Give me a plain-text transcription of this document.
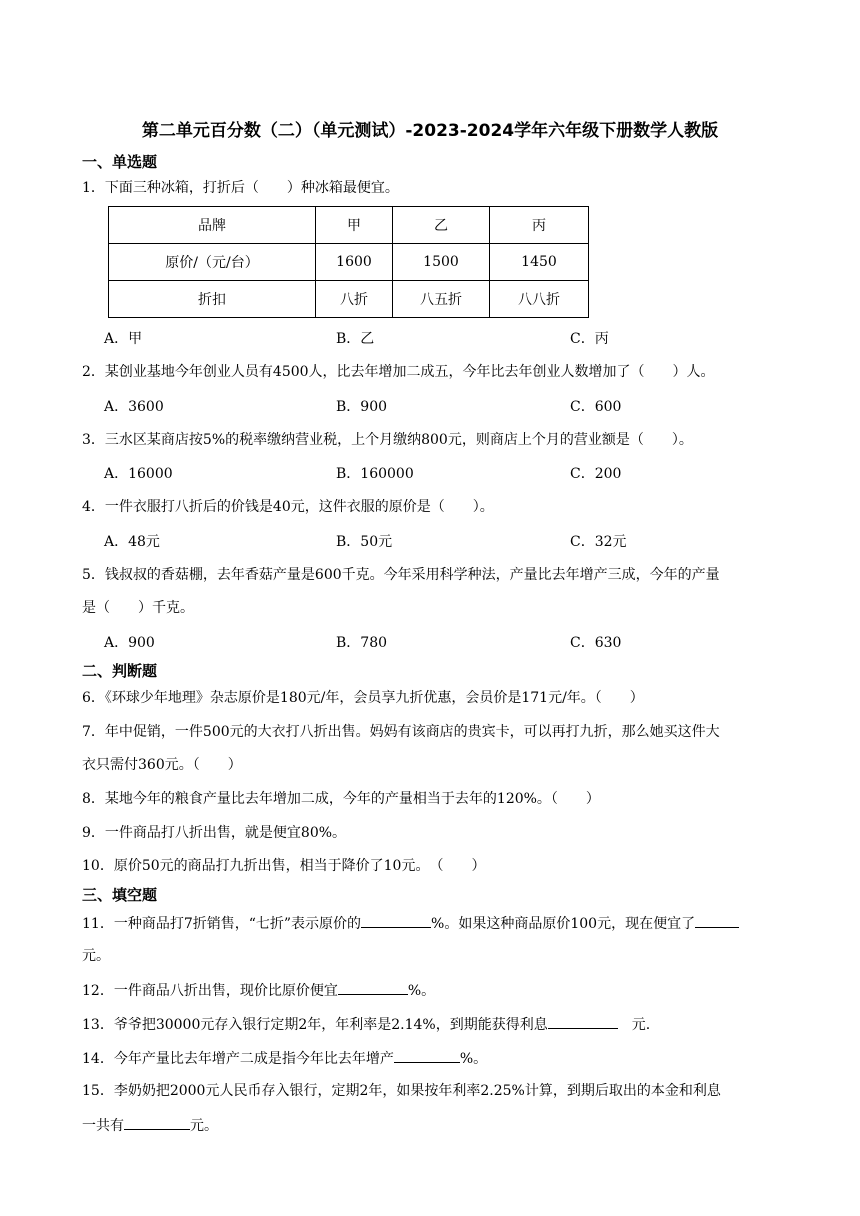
第二单元百分数（二）（单元测试）-2023-2024学年六年级下册数学人教版
一、单选题
1．下面三种冰箱，打折后（　　）种冰箱最便宜。
品牌	甲	乙	丙
原价/（元/台）	1600	1500	1450
折扣	八折	八五折	八八折
A．甲	B．乙	C．丙
2．某创业基地今年创业人员有4500人，比去年增加二成五，今年比去年创业人数增加了（　　）人。
A．3600	B．900	C．600
3．三水区某商店按5%的税率缴纳营业税，上个月缴纳800元，则商店上个月的营业额是（　　）。
A．16000	B．160000	C．200
4．一件衣服打八折后的价钱是40元，这件衣服的原价是（　　）。
A．48元	B．50元	C．32元
5．钱叔叔的香菇棚，去年香菇产量是600千克。今年采用科学种法，产量比去年增产三成，今年的产量
是（　　）千克。
A．900	B．780	C．630
二、判断题
6．《环球少年地理》杂志原价是180元/年，会员享九折优惠，会员价是171元/年。（　　）
7．年中促销，一件500元的大衣打八折出售。妈妈有该商店的贵宾卡，可以再打九折，那么她买这件大
衣只需付360元。（　　）
8．某地今年的粮食产量比去年增加二成，今年的产量相当于去年的120%。（　　）
9．一件商品打八折出售，就是便宜80%。
10．原价50元的商品打九折出售，相当于降价了10元。　（　　）
三、填空题
11．一种商品打7折销售，“七折”表示原价的	%。如果这种商品原价100元，现在便宜了
元。
12．一件商品八折出售，现价比原价便宜	%。
13．爷爷把30000元存入银行定期2年，年利率是2.14%，到期能获得利息	　元.
14．今年产量比去年增产二成是指今年比去年增产	%。
15．李奶奶把2000元人民币存入银行，定期2年，如果按年利率2.25%计算，到期后取出的本金和利息
一共有	元。
